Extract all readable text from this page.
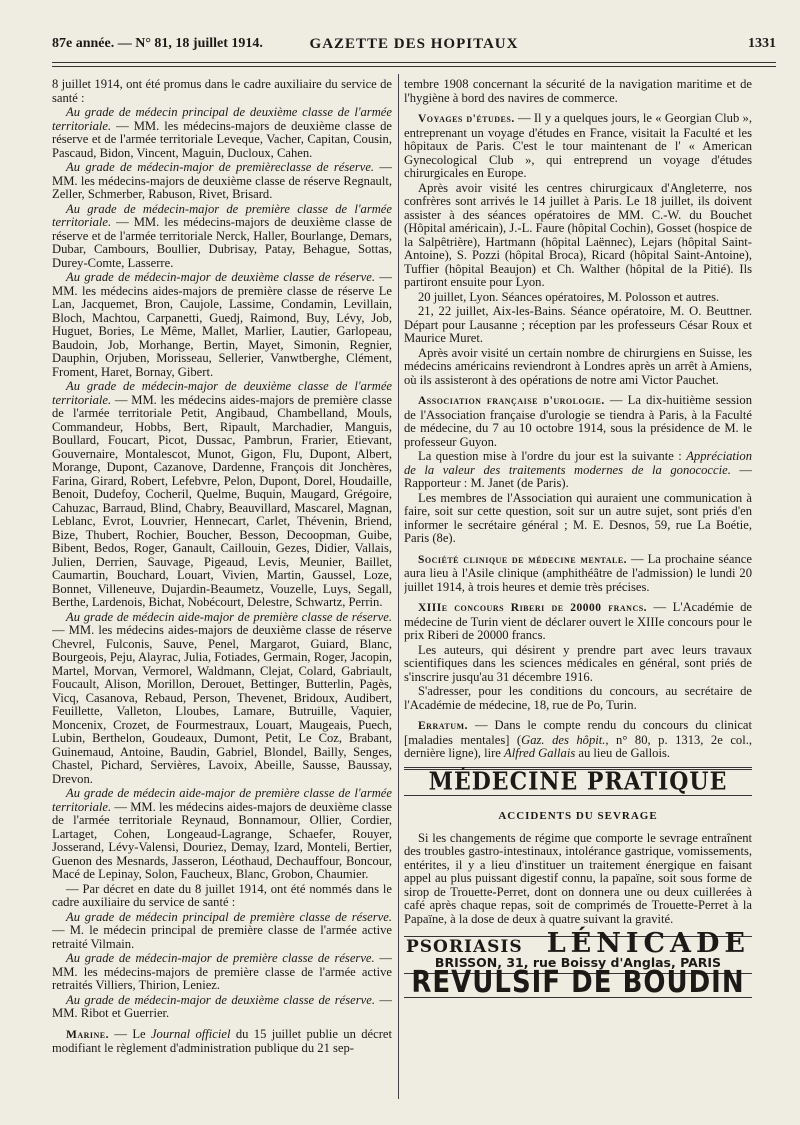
87e année. — N° 81, 18 juillet 1914.	GAZETTE DES HOPITAUX	1331

8 juillet 1914, ont été promus dans le cadre auxiliaire du service de santé :

Au grade de médecin principal de deuxième classe de l'armée territoriale. — MM. les médecins-majors de deuxième classe de réserve et de l'armée territoriale Leveque, Vacher, Capitan, Cousin, Pascaud, Bidon, Vincent, Maguin, Ducloux, Cahen.

Au grade de médecin-major de premièreclasse de réserve. — MM. les médecins-majors de deuxième classe de réserve Regnault, Zeller, Schmerber, Rabuson, Rivet, Brisard.

Au grade de médecin-major de première classe de l'armée territoriale. — MM. les médecins-majors de deuxième classe de réserve et de l'armée territoriale Nerck, Haller, Bourlange, Demars, Dubar, Cambours, Boullier, Dubrisay, Patay, Behague, Sottas, Durey-Comte, Lasserre.

Au grade de médecin-major de deuxième classe de réserve. — MM. les médecins aides-majors de première classe de réserve Le Lan, Jacquemet, Bron, Caujole, Lassime, Condamin, Levillain, Bloch, Machtou, Carpanetti, Guedj, Raimond, Buy, Lévy, Job, Huguet, Bories, Le Même, Mallet, Marlier, Lautier, Garlopeau, Baudoin, Job, Morhange, Bertin, Mayet, Simonin, Regnier, Dauphin, Orjuben, Morisseau, Sellerier, Vanwtberghe, Clément, Froment, Haret, Bornay, Gibert.

Au grade de médecin-major de deuxième classe de l'armée territoriale. — MM. les médecins aides-majors de première classe de l'armée territoriale Petit, Angibaud, Chambelland, Mouls, Commandeur, Hobbs, Bert, Ripault, Marchadier, Manguis, Boullard, Foucart, Picot, Dussac, Pambrun, Frarier, Etievant, Gouvernaire, Montalescot, Munot, Gigon, Flu, Dupont, Albert, Morange, Dupont, Cazanove, Dardenne, François dit Jonchères, Farina, Girard, Robert, Lefebvre, Pelon, Dupont, Dorel, Houdaille, Benoit, Dudefoy, Cocheril, Quelme, Buquin, Maugard, Grégoire, Cahuzac, Barraud, Blind, Chabry, Beauvillard, Mascarel, Magnan, Leblanc, Evrot, Louvrier, Hennecart, Carlet, Thévenin, Briend, Bize, Thubert, Rochier, Boucher, Besson, Decoopman, Guibe, Bibent, Bedos, Roger, Ganault, Caillouin, Gezes, Didier, Vallais, Julien, Derrien, Sauvage, Pigeaud, Levis, Meunier, Baillet, Caumartin, Bouchard, Louart, Vivien, Martin, Gaussel, Loze, Bonnet, Villeneuve, Dujardin-Beaumetz, Vouzelle, Luys, Segall, Berthe, Lardenois, Bichat, Nobécourt, Delestre, Schwartz, Perrin.

Au grade de médecin aide-major de première classe de réserve. — MM. les médecins aides-majors de deuxième classe de réserve Chevrel, Fulconis, Sauve, Penel, Margarot, Guiard, Blanc, Bourgeois, Peju, Alayrac, Julia, Fotiades, Germain, Roger, Jacopin, Martel, Morvan, Vermorel, Waldmann, Clejat, Colard, Gabriault, Foucault, Alison, Morillon, Derouet, Bettinger, Butterlin, Pagès, Vicq, Casanova, Rebaud, Person, Thevenet, Bridoux, Audibert, Feuillette, Valleton, Lloubes, Lamare, Butruille, Vaquier, Moncenix, Crozet, de Fourmestraux, Louart, Maugeais, Puech, Lubin, Berthelon, Goudeaux, Dumont, Petit, Le Coz, Brabant, Guinemaud, Antoine, Baudin, Gabriel, Blondel, Bailly, Senges, Chastel, Pichard, Servières, Lavoix, Abeille, Sausse, Baussay, Drevon.

Au grade de médecin aide-major de première classe de l'armée territoriale. — MM. les médecins aides-majors de deuxième classe de l'armée territoriale Reynaud, Bonnamour, Ollier, Cordier, Lartaget, Cohen, Longeaud-Lagrange, Schaefer, Rouyer, Josserand, Lévy-Valensi, Douriez, Demay, Izard, Monteli, Bertier, Guenon des Mesnards, Jasseron, Léothaud, Dechauffour, Boncour, Macé de Lepinay, Solon, Faucheux, Blanc, Grobon, Chaumier.

— Par décret en date du 8 juillet 1914, ont été nommés dans le cadre auxiliaire du service de santé :

Au grade de médecin principal de première classe de réserve. — M. le médecin principal de première classe de l'armée active retraité Vilmain.

Au grade de médecin-major de première classe de réserve. — MM. les médecins-majors de première classe de l'armée active retraités Villiers, Thirion, Leniez.

Au grade de médecin-major de deuxième classe de réserve. — MM. Ribot et Guerrier.

Marine. — Le Journal officiel du 15 juillet publie un décret modifiant le règlement d'administration publique du 21 sep-

tembre 1908 concernant la sécurité de la navigation maritime et de l'hygiène à bord des navires de commerce.

Voyages d'études. — Il y a quelques jours, le « Georgian Club », entreprenant un voyage d'études en France, visitait la Faculté et les hôpitaux de Paris. C'est le tour maintenant de l' « American Gynecological Club », qui entreprend un voyage d'études chirurgicales en Europe.

Après avoir visité les centres chirurgicaux d'Angleterre, nos confrères sont arrivés le 14 juillet à Paris. Le 18 juillet, ils doivent assister à des séances opératoires de MM. C.-W. du Bouchet (Hôpital américain), J.-L. Faure (hôpital Cochin), Gosset (hospice de la Salpêtrière), Hartmann (hôpital Laënnec), Lejars (hôpital Saint-Antoine), S. Pozzi (hôpital Broca), Ricard (hôpital Saint-Antoine), Tuffier (hôpital Beaujon) et Ch. Walther (hôpital de la Pitié). Ils partiront ensuite pour Lyon.

20 juillet, Lyon. Séances opératoires, M. Polosson et autres.

21, 22 juillet, Aix-les-Bains. Séance opératoire, M. O. Beuttner. Départ pour Lausanne ; réception par les professeurs César Roux et Maurice Muret.

Après avoir visité un certain nombre de chirurgiens en Suisse, les médecins américains reviendront à Londres après un arrêt à Amiens, où ils assisteront à des opérations de notre ami Victor Pauchet.

Association française d'urologie. — La dix-huitième session de l'Association française d'urologie se tiendra à Paris, à la Faculté de médecine, du 7 au 10 octobre 1914, sous la présidence de M. le professeur Guyon.

La question mise à l'ordre du jour est la suivante : Appréciation de la valeur des traitements modernes de la gonococcie. — Rapporteur : M. Janet (de Paris).

Les membres de l'Association qui auraient une communication à faire, soit sur cette question, soit sur un autre sujet, sont priés d'en informer le secrétaire général ; M. E. Desnos, 59, rue La Boétie, Paris (8e).

Société clinique de médecine mentale. — La prochaine séance aura lieu à l'Asile clinique (amphithéâtre de l'admission) le lundi 20 juillet 1914, à trois heures et demie très précises.

XIIIe concours Riberi de 20000 francs. — L'Académie de médecine de Turin vient de déclarer ouvert le XIIIe concours pour le prix Riberi de 20000 francs.

Les auteurs, qui désirent y prendre part avec leurs travaux scientifiques dans les sciences médicales en général, sont priés de s'inscrire jusqu'au 31 décembre 1916.

S'adresser, pour les conditions du concours, au secrétaire de l'Académie de médecine, 18, rue de Po, Turin.

Erratum. — Dans le compte rendu du concours du clinicat [maladies mentales] (Gaz. des hôpit., n° 80, p. 1313, 2e col., dernière ligne), lire Alfred Gallais au lieu de Gallois.

MÉDECINE PRATIQUE
ACCIDENTS DU SEVRAGE

Si les changements de régime que comporte le sevrage entraînent des troubles gastro-intestinaux, intolérance gastrique, vomissements, entérites, il y a lieu d'instituer un traitement énergique en faisant appel au plus puissant digestif connu, la papaïne, soit sous forme de sirop de Trouette-Perret, dont on donnera une ou deux cuillerées à café après chaque repas, soit de comprimés de Trouette-Perret à la Papaïne, à la dose de deux à quatre suivant la gravité.

PSORIASIS LÉNICADE
BRISSON, 31, rue Boissy d'Anglas, PARIS
REVULSIF DE BOUDIN
